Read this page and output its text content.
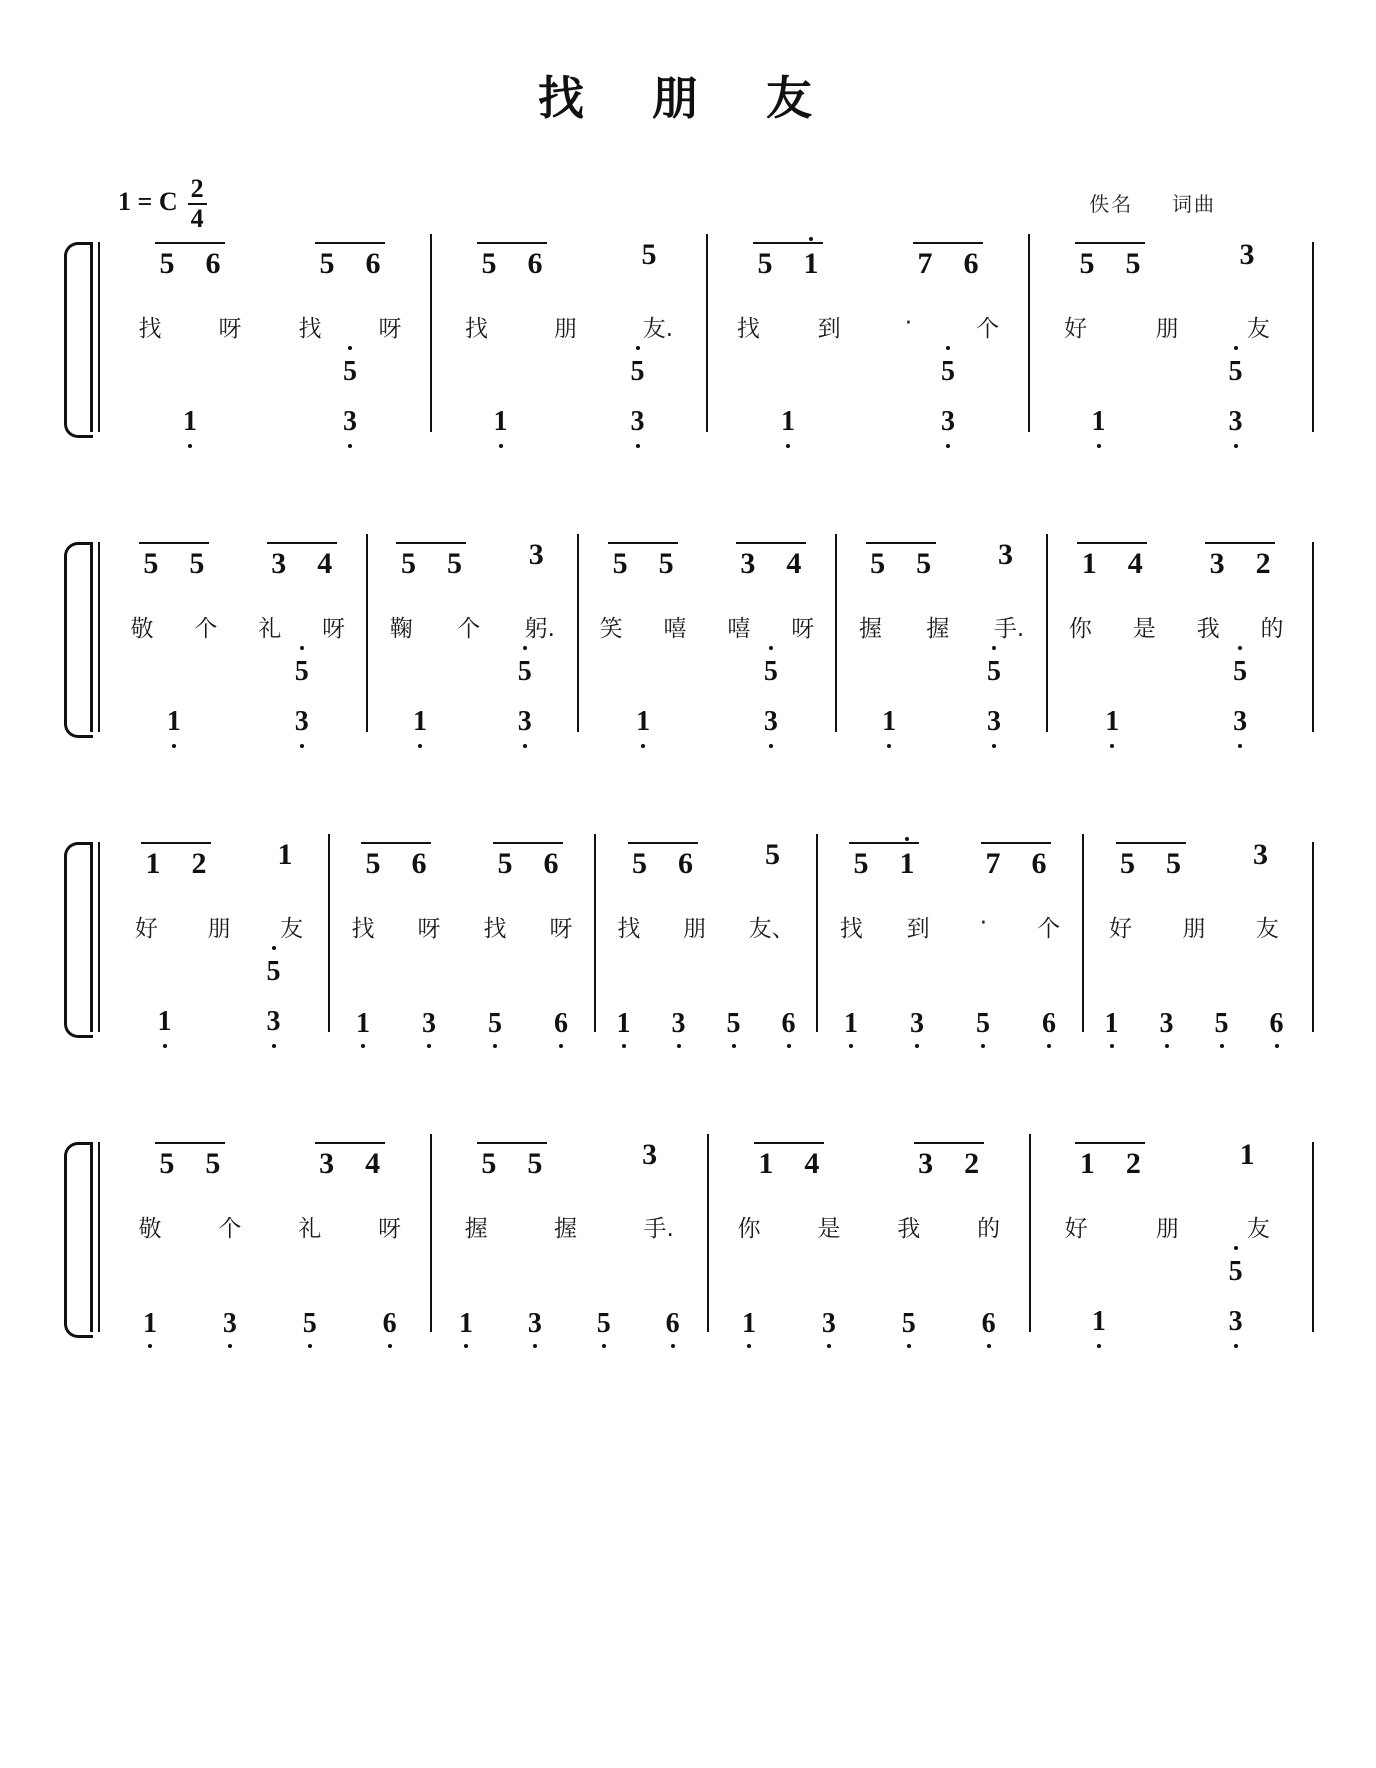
找 朋 友
1 = C $\frac{2}{4}$	佚名 词曲
5 6	5 6
找 呀 找 呀
1
5
3
5 6	5
找	朋	友.
1
5
3
5 1	7 6
找	到	·	个
1
5
3
5 5	3
好	朋	友
1
5
3
5 5 3 4
敬 个 礼 呀
1
5
3
5 5 3
鞠 个 躬.
1
5
3
5 5 3 4
笑 嘻 嘻 呀
1
5
3
5 5 3
握 握 手.
1
5
3
1 4 3 2
你 是 我 的
1
5
3
1 2 1
好 朋 友
1
5
3
5 6 5 6
找 呀 找 呀
1 3 5 6
5 6 5
找 朋 友、
1 3 5 6
5 1 7 6
找 到 · 个
1 3 5 6
5 5 3
好 朋 友
1 3 5 6
5 5	3 4
敬 个 礼 呀
1 3 5 6
5 5	3
握	握	手.
1 3 5 6
1 4	3 2
你 是 我 的
1 3 5 6
1 2	1
好	朋	友
1
5
3
